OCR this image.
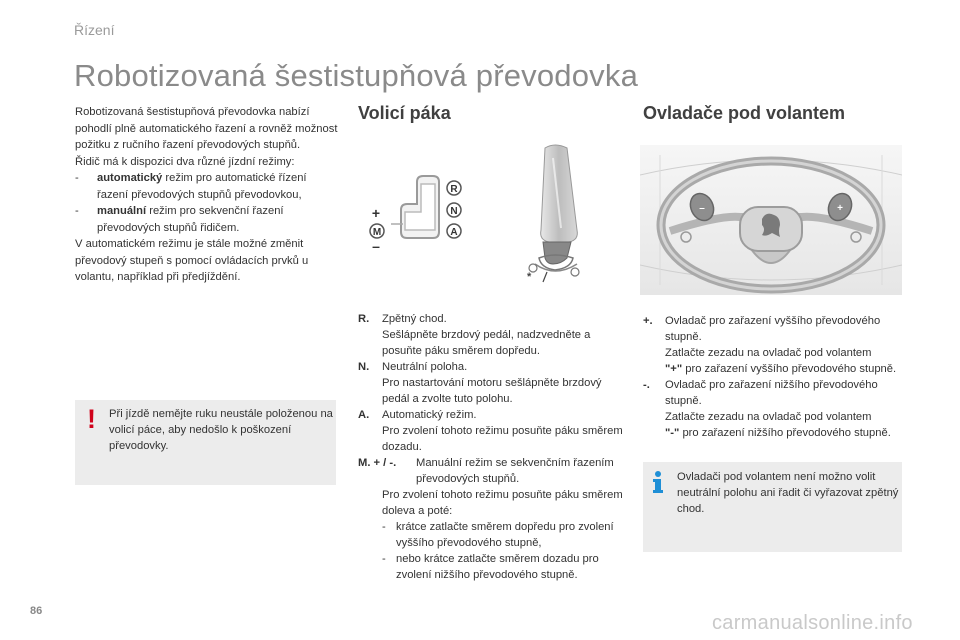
Řízení
Robotizovaná šestistupňová převodovka

Robotizovaná šestistupňová převodovka nabízí pohodlí plně automatického řazení a rovněž možnost požitku z ručního řazení převodových stupňů.

Řidič má k dispozici dva různé jízdní režimy:

-	automatický režim pro automatické řízení řazení převodových stupňů převodovkou,
-	manuální režim pro sekvenční řazení převodových stupňů řidičem.

V automatickém režimu je stále možné změnit převodový stupeň s pomocí ovládacích prvků u volantu, například při předjíždění.

! Při jízdě nemějte ruku neustále položenou na volicí páce, aby nedošlo k poškození převodovky.
Volicí páka	Ovladače pod volantem
R
N
A
M
+
–
*
–	+
R.	Zpětný chod.
Sešlápněte brzdový pedál, nadzvedněte a posuňte páku směrem dopředu.
N.	Neutrální poloha.
Pro nastartování motoru sešlápněte brzdový pedál a zvolte tuto polohu.
A.	Automatický režim.
Pro zvolení tohoto režimu posuňte páku směrem dozadu.
M. + / -.	Manuální režim se sekvenčním řazením převodových stupňů.
Pro zvolení tohoto režimu posuňte páku směrem doleva a poté:
- krátce zatlačte směrem dopředu pro zvolení vyššího převodového stupně,
- nebo krátce zatlačte směrem dozadu pro zvolení nižšího převodového stupně.
+.	Ovladač pro zařazení vyššího převodového stupně.
Zatlačte zezadu na ovladač pod volantem
"+" pro zařazení vyššího převodového stupně.
-.	Ovladač pro zařazení nižšího převodového stupně.
Zatlačte zezadu na ovladač pod volantem
"-" pro zařazení nižšího převodového stupně.
Ovladači pod volantem není možno volit neutrální polohu ani řadit či vyřazovat zpětný chod.
86
carmanualsonline.info
